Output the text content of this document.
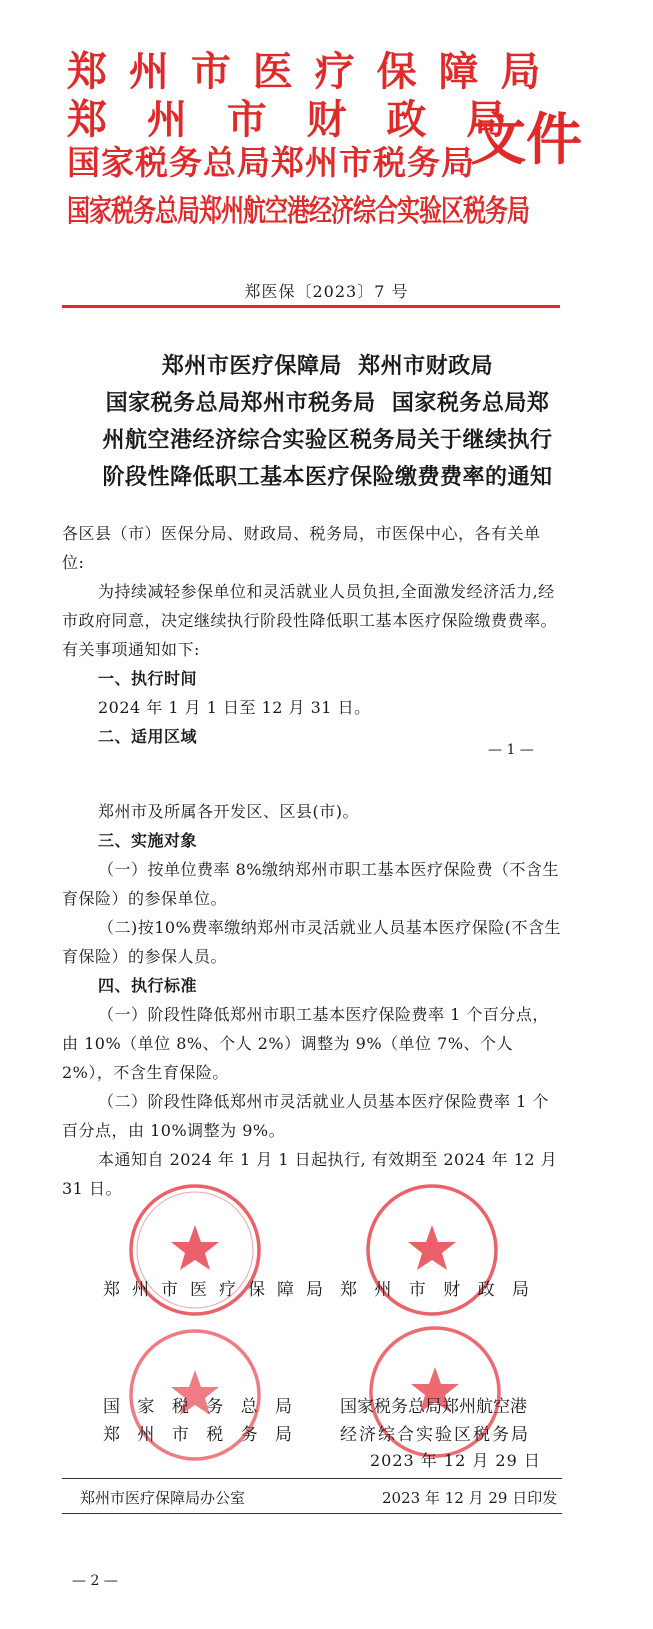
郑 州 市 医 疗 保 障 局
郑  州  市  财  政  局
国家税务总局郑州市税务局
国家税务总局郑州航空港经济综合实验区税务局
文件
郑医保〔2023〕7 号
郑州市医疗保障局  郑州市财政局
国家税务总局郑州市税务局  国家税务总局郑
州航空港经济综合实验区税务局关于继续执行
阶段性降低职工基本医疗保险缴费费率的通知

各区县（市）医保分局、财政局、税务局，市医保中心，各有关单位:

为持续减轻参保单位和灵活就业人员负担,全面激发经济活力,经市政府同意，决定继续执行阶段性降低职工基本医疗保险缴费费率。有关事项通知如下:

一、执行时间

2024 年 1 月 1 日至 12 月 31 日。

二、适用区域

— 1 —

郑州市及所属各开发区、区县(市)。

三、实施对象

（一）按单位费率 8%缴纳郑州市职工基本医疗保险费（不含生育保险）的参保单位。

（二)按10%费率缴纳郑州市灵活就业人员基本医疗保险(不含生育保险）的参保人员。

四、执行标准

（一）阶段性降低郑州市职工基本医疗保险费率 1 个百分点，由 10%（单位 8%、个人 2%）调整为 9%（单位 7%、个人 2%），不含生育保险。

（二）阶段性降低郑州市灵活就业人员基本医疗保险费率 1 个百分点，由 10%调整为 9%。

本通知自 2024 年 1 月 1 日起执行, 有效期至 2024 年 12 月 31 日。

郑州市医疗保障局 郑 州 市 财 政 局
国 家 税 务 总 局
郑 州 市 税 务 局
国家税务总局郑州航空港
经济综合实验区税务局
2023 年 12 月 29 日
郑州市医疗保障局办公室	2023 年 12 月 29 日印发
— 2 —
